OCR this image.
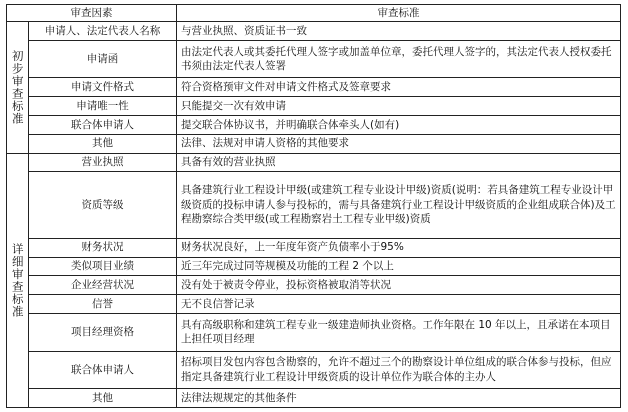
审查因素		审查标准
初步审查标准	申请人、法定代表人名称	与营业执照、资质证书一致
	申请函	由法定代表人或其委托代理人签字或加盖单位章，委托代理人签字的，其法定代表人授权委托书须由法定代表人签署
	申请文件格式	符合资格预审文件对申请文件格式及签章要求
	申请唯一性	只能提交一次有效申请
	联合体申请人	提交联合体协议书，并明确联合体牵头人(如有)
	其他	法律、法规对申请人资格的其他要求
详细审查标准	营业执照	具备有效的营业执照
	资质等级	具备建筑行业工程设计甲级(或建筑工程专业设计甲级)资质(说明：若具备建筑工程专业设计甲级资质的投标申请人参与投标的，需与具备建筑行业工程设计甲级资质的企业组成联合体)及工程勘察综合类甲级(或工程勘察岩土工程专业甲级)资质
	财务状况	财务状况良好，上一年度年资产负债率小于95%
	类似项目业绩	近三年完成过同等规模及功能的工程 2 个以上
	企业经营状况	没有处于被责令停业，投标资格被取消等状况
	信誉	无不良信誉记录
	项目经理资格	具有高级职称和建筑工程专业一级建造师执业资格。工作年限在 10 年以上，且承诺在本项目上担任项目经理
	联合体申请人	招标项目发包内容包含勘察的，允许不超过三个的勘察设计单位组成的联合体参与投标，但应指定具备建筑行业工程设计甲级资质的设计单位作为联合体的主办人
	其他	法律法规规定的其他条件
